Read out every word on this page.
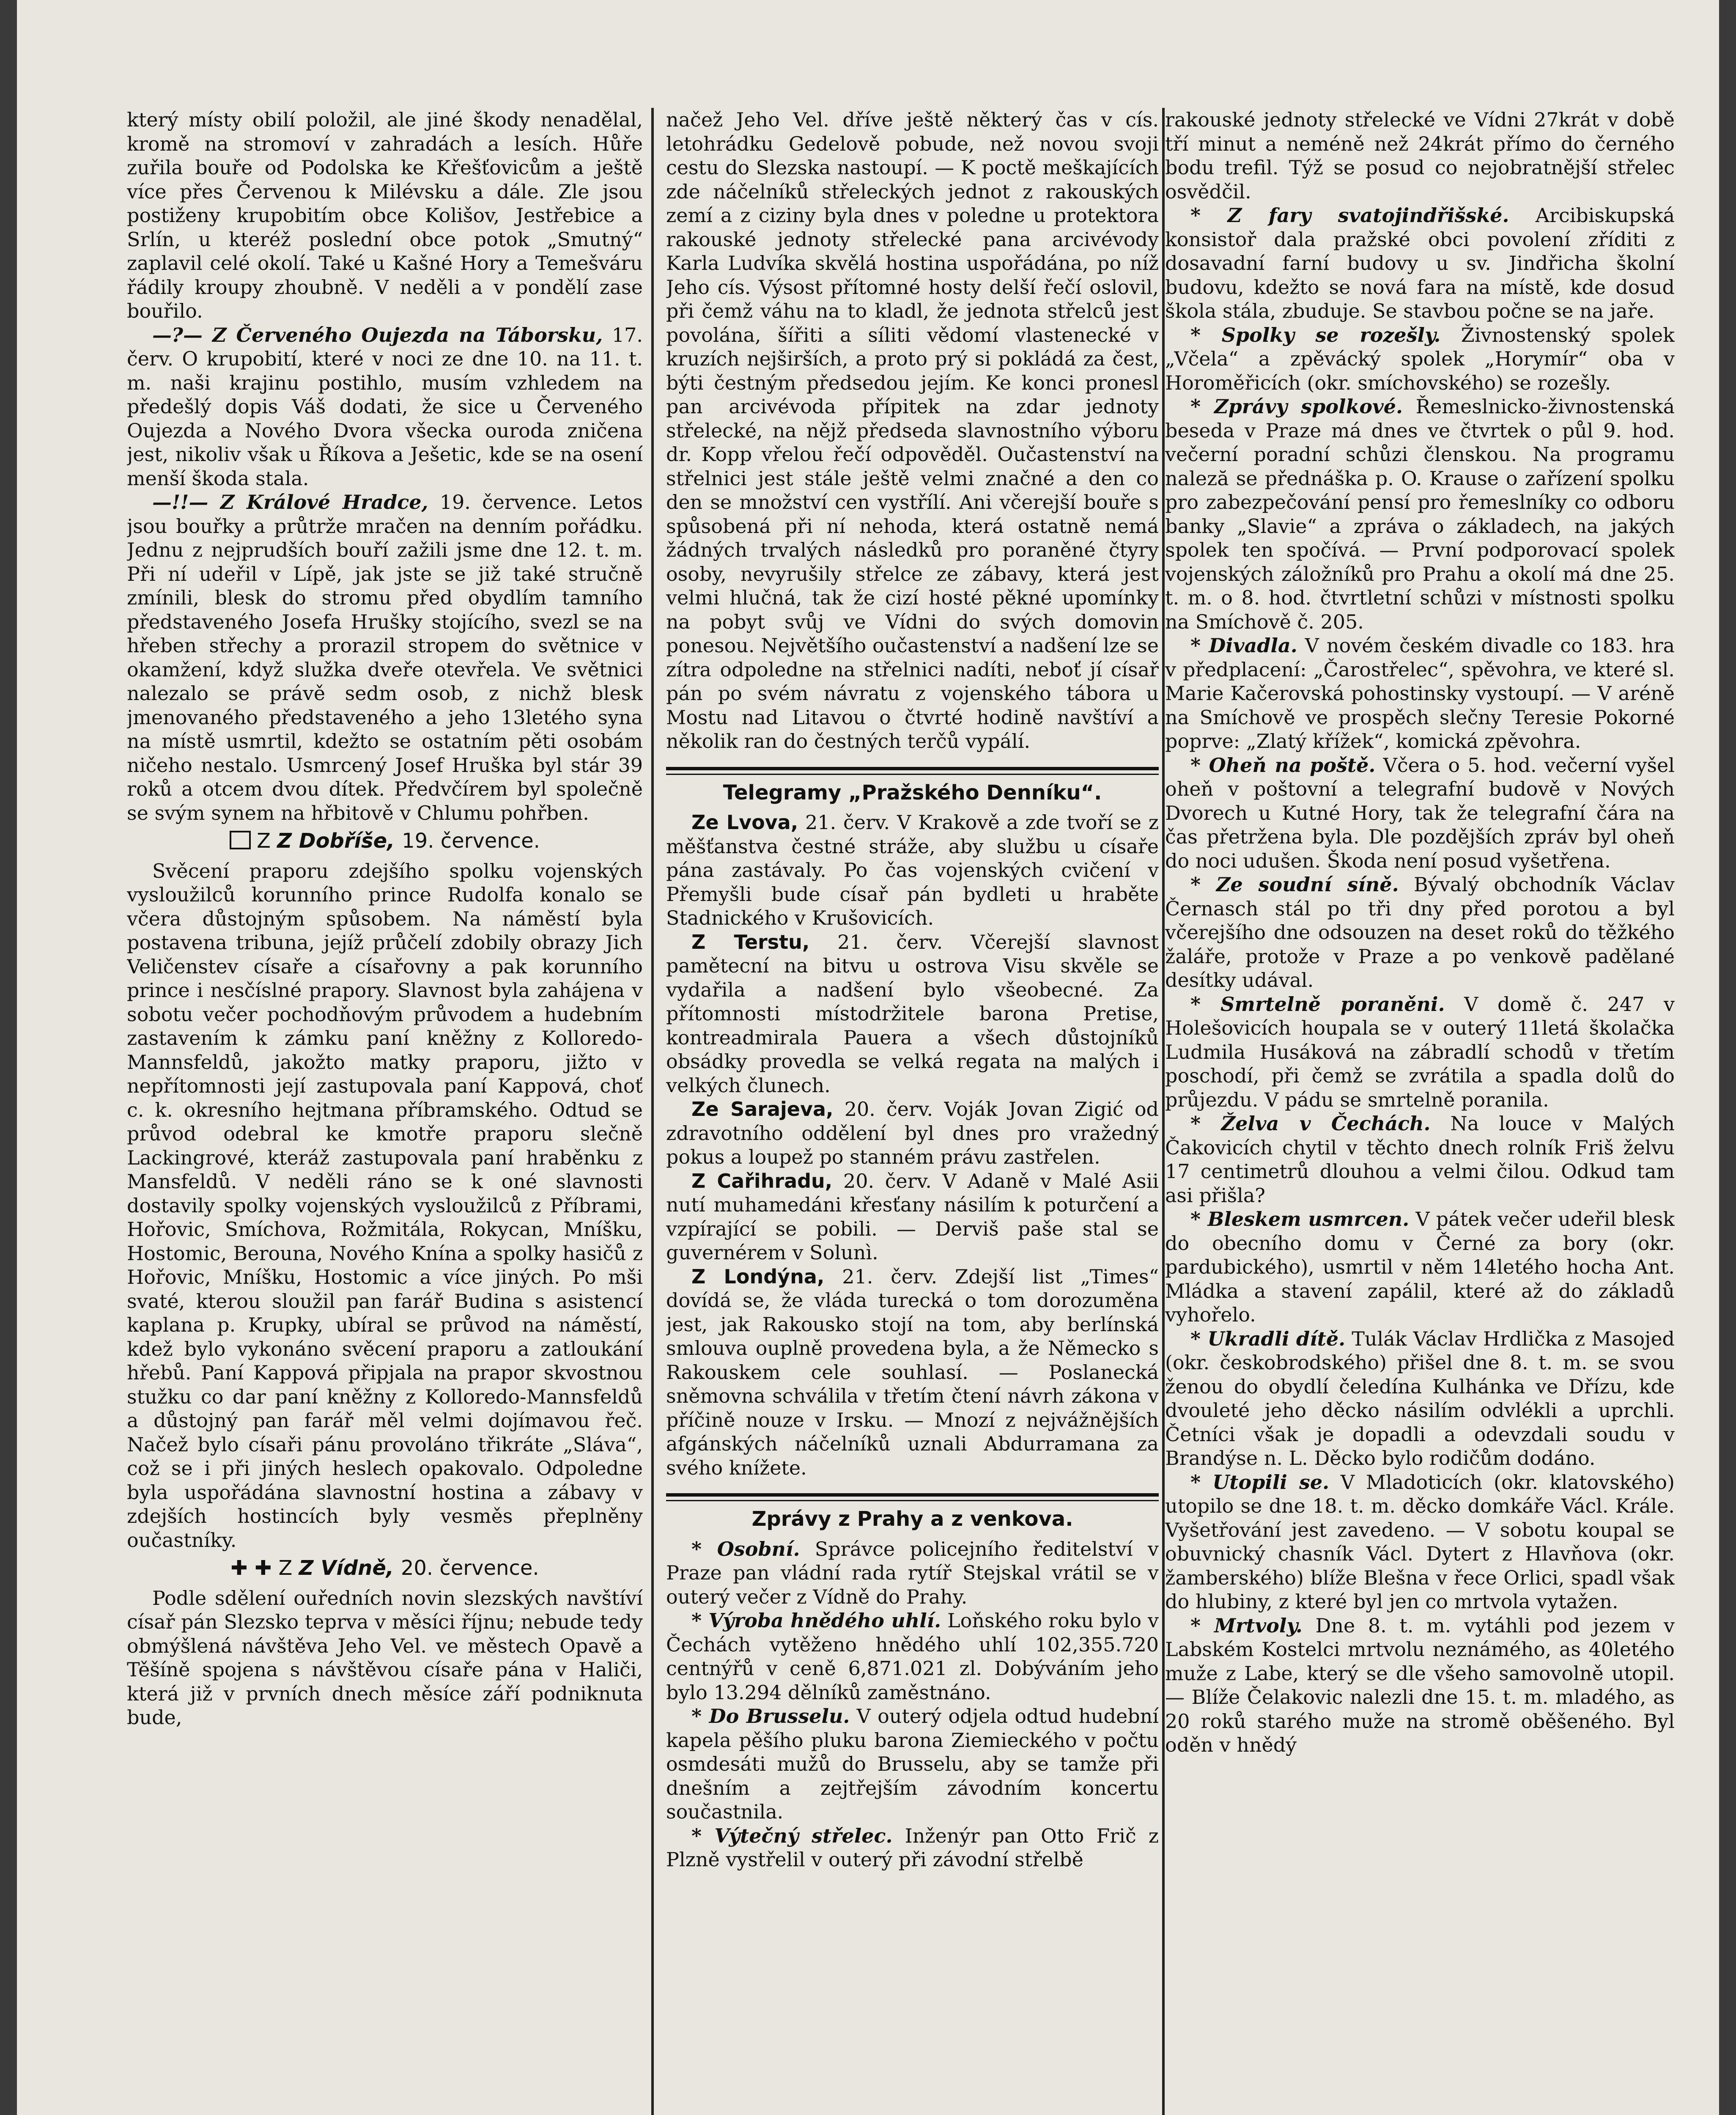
který místy obilí položil, ale jiné škody nenadělal, kromě na stromoví v zahradách a lesích. Hůře zuřila bouře od Podolska ke Křešťovicům a ještě více přes Červenou k Milévsku a dále. Zle jsou postiženy krupobitím obce Kolišov, Jestřebice a Srlín, u kteréž poslední obce potok „Smutný“ zaplavil celé okolí. Také u Kašné Hory a Temešváru řádily kroupy zhoubně. V neděli a v pondělí zase bouřilo.

—?— Z Červeného Oujezda na Táborsku, 17. červ. O krupobití, které v noci ze dne 10. na 11. t. m. naši krajinu postihlo, musím vzhledem na předešlý dopis Váš dodati, že sice u Červeného Oujezda a Nového Dvora všecka ouroda zničena jest, nikoliv však u Říkova a Ješetic, kde se na osení menší škoda stala.

—!!— Z Králové Hradce, 19. července. Letos jsou bouřky a průtrže mračen na denním pořádku. Jednu z nejprudších bouří zažili jsme dne 12. t. m. Při ní udeřil v Lípě, jak jste se již také stručně zmínili, blesk do stromu před obydlím tamního představeného Josefa Hrušky stojícího, svezl se na hřeben střechy a prorazil stropem do světnice v okamžení, když služka dveře otevřela. Ve světnici nalezalo se právě sedm osob, z nichž blesk jmenovaného představeného a jeho 13letého syna na místě usmrtil, kdežto se ostatním pěti osobám ničeho nestalo. Usmrcený Josef Hruška byl stár 39 roků a otcem dvou dítek. Předvčírem byl společně se svým synem na hřbitově v Chlumu pohřben.

Z Z Dobříše, 19. července.

Svěcení praporu zdejšího spolku vojenských vysloužilců korunního prince Rudolfa konalo se včera důstojným spůsobem. Na náměstí byla postavena tribuna, jejíž průčelí zdobily obrazy Jich Veličenstev císaře a císařovny a pak korunního prince i nesčíslné prapory. Slavnost byla zahájena v sobotu večer pochodňovým průvodem a hudebním zastavením k zámku paní kněžny z Kolloredo-Mannsfeldů, jakožto matky praporu, jižto v nepřítomnosti její zastupovala paní Kappová, choť c. k. okresního hejtmana příbramského. Odtud se průvod odebral ke kmotře praporu slečně Lackingrové, kteráž zastupovala paní hraběnku z Mansfeldů. V neděli ráno se k oné slavnosti dostavily spolky vojenských vysloužilců z Příbrami, Hořovic, Smíchova, Rožmitála, Rokycan, Mníšku, Hostomic, Berouna, Nového Knína a spolky hasičů z Hořovic, Mníšku, Hostomic a více jiných. Po mši svaté, kterou sloužil pan farář Budina s asistencí kaplana p. Krupky, ubíral se průvod na náměstí, kdež bylo vykonáno svěcení praporu a zatloukání hřebů. Paní Kappová připjala na prapor skvostnou stužku co dar paní kněžny z Kolloredo-Mannsfeldů a důstojný pan farář měl velmi dojímavou řeč. Načež bylo císaři pánu provoláno třikráte „Sláva“, což se i při jiných heslech opakovalo. Odpoledne byla uspořádána slavnostní hostina a zábavy v zdejších hostincích byly vesměs přeplněny oučastníky.

✚ ✚ Z Z Vídně, 20. července.

Podle sdělení ouředních novin slezských navštíví císař pán Slezsko teprva v měsíci říjnu; nebude tedy obmýšlená návštěva Jeho Vel. ve městech Opavě a Těšíně spojena s návštěvou císaře pána v Haliči, která již v prvních dnech měsíce září podniknuta bude,

načež Jeho Vel. dříve ještě některý čas v cís. letohrádku Gedelově pobude, než novou svoji cestu do Slezska nastoupí. — K poctě meškajících zde náčelníků střeleckých jednot z rakouských zemí a z ciziny byla dnes v poledne u protektora rakouské jednoty střelecké pana arcivévody Karla Ludvíka skvělá hostina uspořádána, po níž Jeho cís. Výsost přítomné hosty delší řečí oslovil, při čemž váhu na to kladl, že jednota střelců jest povolána, šířiti a síliti vědomí vlastenecké v kruzích nejširších, a proto prý si pokládá za čest, býti čestným předsedou jejím. Ke konci pronesl pan arcivévoda přípitek na zdar jednoty střelecké, na nějž předseda slavnostního výboru dr. Kopp vřelou řečí odpověděl. Oučastenství na střelnici jest stále ještě velmi značné a den co den se množství cen vystřílí. Ani včerejší bouře s spůsobená při ní nehoda, která ostatně nemá žádných trvalých následků pro poraněné čtyry osoby, nevyrušily střelce ze zábavy, která jest velmi hlučná, tak že cizí hosté pěkné upomínky na pobyt svůj ve Vídni do svých domovin ponesou. Největšího oučastenství a nadšení lze se zítra odpoledne na střelnici nadíti, neboť jí císař pán po svém návratu z vojenského tábora u Mostu nad Litavou o čtvrté hodině navštíví a několik ran do čestných terčů vypálí.

Telegramy „Pražského Denníku“.

Ze Lvova, 21. červ. V Krakově a zde tvoří se z měšťanstva čestné stráže, aby službu u císaře pána zastávaly. Po čas vojenských cvičení v Přemyšli bude císař pán bydleti u hraběte Stadnického v Krušovicích.

Z Terstu, 21. červ. Včerejší slavnost pamětecní na bitvu u ostrova Visu skvěle se vydařila a nadšení bylo všeobecné. Za přítomnosti místodržitele barona Pretise, kontreadmirala Pauera a všech důstojníků obsádky provedla se velká regata na malých i velkých člunech.

Ze Sarajeva, 20. červ. Voják Jovan Zigić od zdravotního oddělení byl dnes pro vražedný pokus a loupež po stanném právu zastřelen.

Z Cařihradu, 20. červ. V Adaně v Malé Asii nutí muhamedáni křesťany násilím k poturčení a vzpírající se pobili. — Derviš paše stal se guvernérem v Solunì.

Z Londýna, 21. červ. Zdejší list „Times“ dovídá se, že vláda turecká o tom dorozuměna jest, jak Rakousko stojí na tom, aby berlínská smlouva ouplně provedena byla, a že Německo s Rakouskem cele souhlasí. — Poslanecká sněmovna schválila v třetím čtení návrh zákona v příčině nouze v Irsku. — Mnozí z nejvážnějších afgánských náčelníků uznali Abdurramana za svého knížete.

Zprávy z Prahy a z venkova.

* Osobní. Správce policejního ředitelství v Praze pan vládní rada rytíř Stejskal vrátil se v outerý večer z Vídně do Prahy.

* Výroba hnědého uhlí. Loňského roku bylo v Čechách vytěženo hnědého uhlí 102,355.720 centnýřů v ceně 6,871.021 zl. Dobýváním jeho bylo 13.294 dělníků zaměstnáno.

* Do Brusselu. V outerý odjela odtud hudební kapela pěšího pluku barona Ziemieckého v počtu osmdesáti mužů do Brusselu, aby se tamže při dnešním a zejtřejším závodním koncertu součastnila.

* Výtečný střelec. Inženýr pan Otto Frič z Plzně vystřelil v outerý při závodní střelbě

rakouské jednoty střelecké ve Vídni 27krát v době tří minut a neméně než 24krát přímo do černého bodu trefil. Týž se posud co nejobratnější střelec osvědčil.

* Z fary svatojindřišské. Arcibiskupská konsistoř dala pražské obci povolení zříditi z dosavadní farní budovy u sv. Jindřicha školní budovu, kdežto se nová fara na místě, kde dosud škola stála, zbuduje. Se stavbou počne se na jaře.

* Spolky se rozešly. Živnostenský spolek „Včela“ a zpěvácký spolek „Horymír“ oba v Horoměřicích (okr. smíchovského) se rozešly.

* Zprávy spolkové. Řemeslnicko-živnostenská beseda v Praze má dnes ve čtvrtek o půl 9. hod. večerní poradní schůzi členskou. Na programu naleză se přednáška p. O. Krause o zařízení spolku pro zabezpečování pensí pro řemeslníky co odboru banky „Slavie“ a zpráva o základech, na jakých spolek ten spočívá. — První podporovací spolek vojenských záložníků pro Prahu a okolí má dne 25. t. m. o 8. hod. čtvrtletní schůzi v místnosti spolku na Smíchově č. 205.

* Divadla. V novém českém divadle co 183. hra v předplacení: „Čarostřelec“, spěvohra, ve které sl. Marie Kačerovská pohostinsky vystoupí. — V aréně na Smíchově ve prospěch slečny Teresie Pokorné poprve: „Zlatý křížek“, komická zpěvohra.

* Oheň na poště. Včera o 5. hod. večerní vyšel oheň v poštovní a telegrafní budově v Nových Dvorech u Kutné Hory, tak že telegrafní čára na čas přetržena byla. Dle pozdějších zpráv byl oheň do noci udušen. Škoda není posud vyšetřena.

* Ze soudní síně. Bývalý obchodník Václav Černasch stál po tři dny před porotou a byl včerejšího dne odsouzen na deset roků do těžkého žaláře, protože v Praze a po venkově padělané desítky udával.

* Smrtelně poraněni. V domě č. 247 v Holešovicích houpala se v outerý 11letá školačka Ludmila Husáková na zábradlí schodů v třetím poschodí, při čemž se zvrátila a spadla dolů do průjezdu. V pádu se smrtelně poranila.

* Želva v Čechách. Na louce v Malých Čakovicích chytil v těchto dnech rolník Friš želvu 17 centimetrů dlouhou a velmi čilou. Odkud tam asi přišla?

* Bleskem usmrcen. V pátek večer udeřil blesk do obecního domu v Černé za bory (okr. pardubického), usmrtil v něm 14letého hocha Ant. Mládka a stavení zapálil, které až do základů vyhořelo.

* Ukradli dítě. Tulák Václav Hrdlička z Masojed (okr. českobrodského) přišel dne 8. t. m. se svou ženou do obydlí čeledína Kulhánka ve Dřízu, kde dvouleté jeho děcko násilím odvlékli a uprchli. Četníci však je dopadli a odevzdali soudu v Brandýse n. L. Děcko bylo rodičům dodáno.

* Utopili se. V Mladoticích (okr. klatovského) utopilo se dne 18. t. m. děcko domkáře Václ. Krále. Vyšetřování jest zavedeno. — V sobotu koupal se obuvnický chasník Václ. Dytert z Hlavňova (okr. žamberského) blíže Blešna v řece Orlici, spadl však do hlubiny, z které byl jen co mrtvola vytažen.

* Mrtvoly. Dne 8. t. m. vytáhli pod jezem v Labském Kostelci mrtvolu neznámého, as 40letého muže z Labe, který se dle všeho samovolně utopil. — Blíže Čelakovic nalezli dne 15. t. m. mladého, as 20 roků starého muže na stromě oběšeného. Byl oděn v hnědý
